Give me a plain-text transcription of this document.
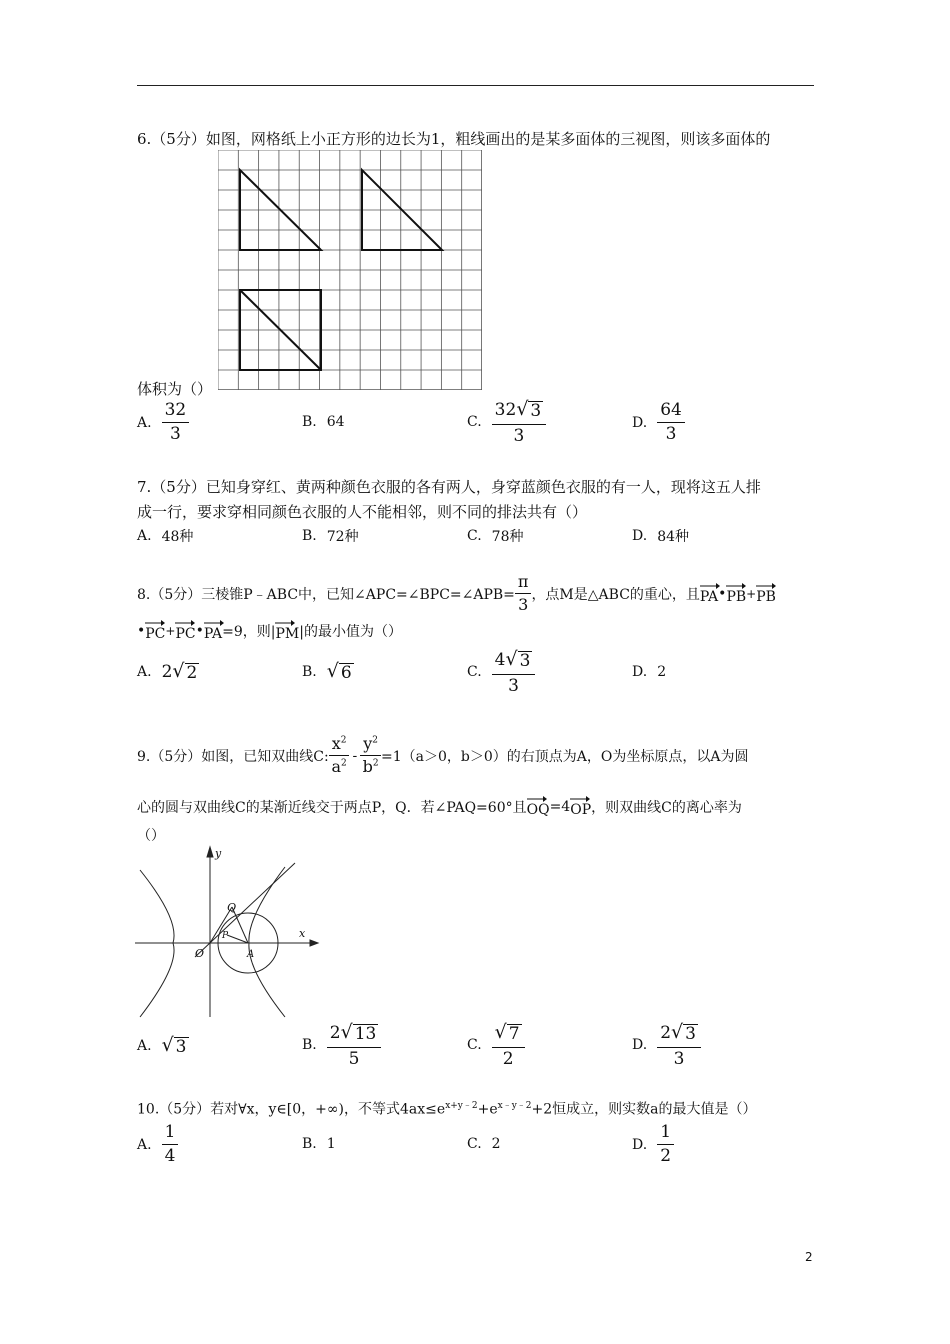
6.（5分）如图，网格纸上小正方形的边长为1，粗线画出的是某多面体的三视图，则该多面体的
体积为（）
A. $\frac{32}{3}$	B. 64	C. $\frac{32 √ 3}{3}$	D. $\frac{64}{3}$
7.（5分）已知身穿红、黄两种颜色衣服的各有两人，身穿蓝颜色衣服的有一人，现将这五人排
成一行，要求穿相同颜色衣服的人不能相邻，则不同的排法共有（）
A. 48种	B. 72种	C. 78种	D. 84种
8.（5分）三棱锥P﹣ABC中，已知∠APC=∠BPC=∠APB= $\frac{\pi}{3}$ ，点M是△ABC的重心，且 PA • PB + PB
• PC + PC • PA =9，则| PM |的最小值为（）
A. 2 √ 2	B. √ 6	C. $\frac{4 √ 3}{3}$	D. 2
9.（5分）如图，已知双曲线C: $\frac{x^2}{a^2} - \frac{y^2}{b^2} =1(a>0$，b＞0）的右顶点为A，O为坐标原点，以A为圆
心的圆与双曲线C的某渐近线交于两点P，Q．若∠PAQ=60°且 OQ =4 OP ，则双曲线C的离心率为
（）
y
x
Q
P
O	A
A. √ 3	B. $\frac{2 √ 13}{5}$	C. $\frac{√ 7}{2}$	D. $\frac{2 √ 3}{3}$
10.（5分）若对∀x，y∈[0，+∞)，不等式$4ax\le e^{x+y﹣2}+e^{x﹣y﹣2}+2$恒成立，则实数a的最大值是（）
A. $\frac{1}{4}$	B. 1	C. 2	D. $\frac{1}{2}$
2
